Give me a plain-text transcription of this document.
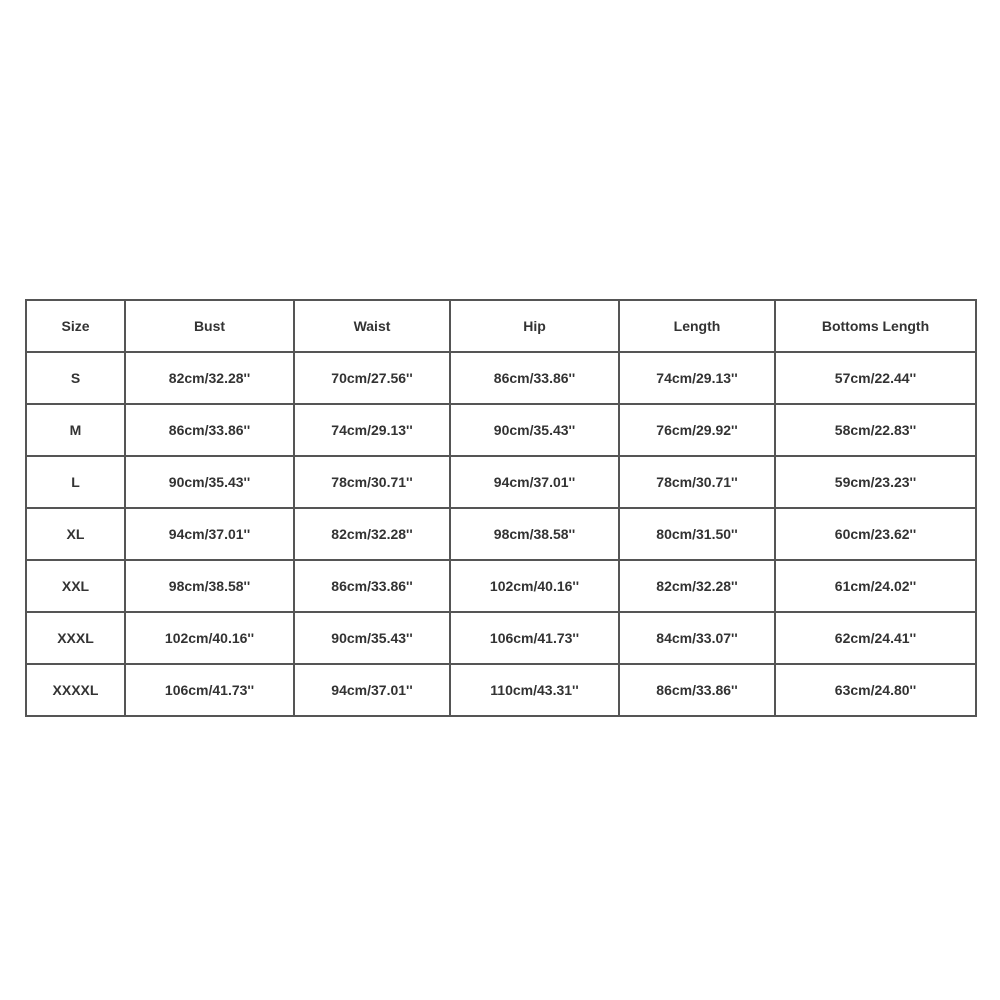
Size	Bust	Waist	Hip	Length	Bottoms Length
S	82cm/32.28''	70cm/27.56''	86cm/33.86''	74cm/29.13''	57cm/22.44''
M	86cm/33.86''	74cm/29.13''	90cm/35.43''	76cm/29.92''	58cm/22.83''
L	90cm/35.43''	78cm/30.71''	94cm/37.01''	78cm/30.71''	59cm/23.23''
XL	94cm/37.01''	82cm/32.28''	98cm/38.58''	80cm/31.50''	60cm/23.62''
XXL	98cm/38.58''	86cm/33.86''	102cm/40.16''	82cm/32.28''	61cm/24.02''
XXXL	102cm/40.16''	90cm/35.43''	106cm/41.73''	84cm/33.07''	62cm/24.41''
XXXXL	106cm/41.73''	94cm/37.01''	110cm/43.31''	86cm/33.86''	63cm/24.80''
